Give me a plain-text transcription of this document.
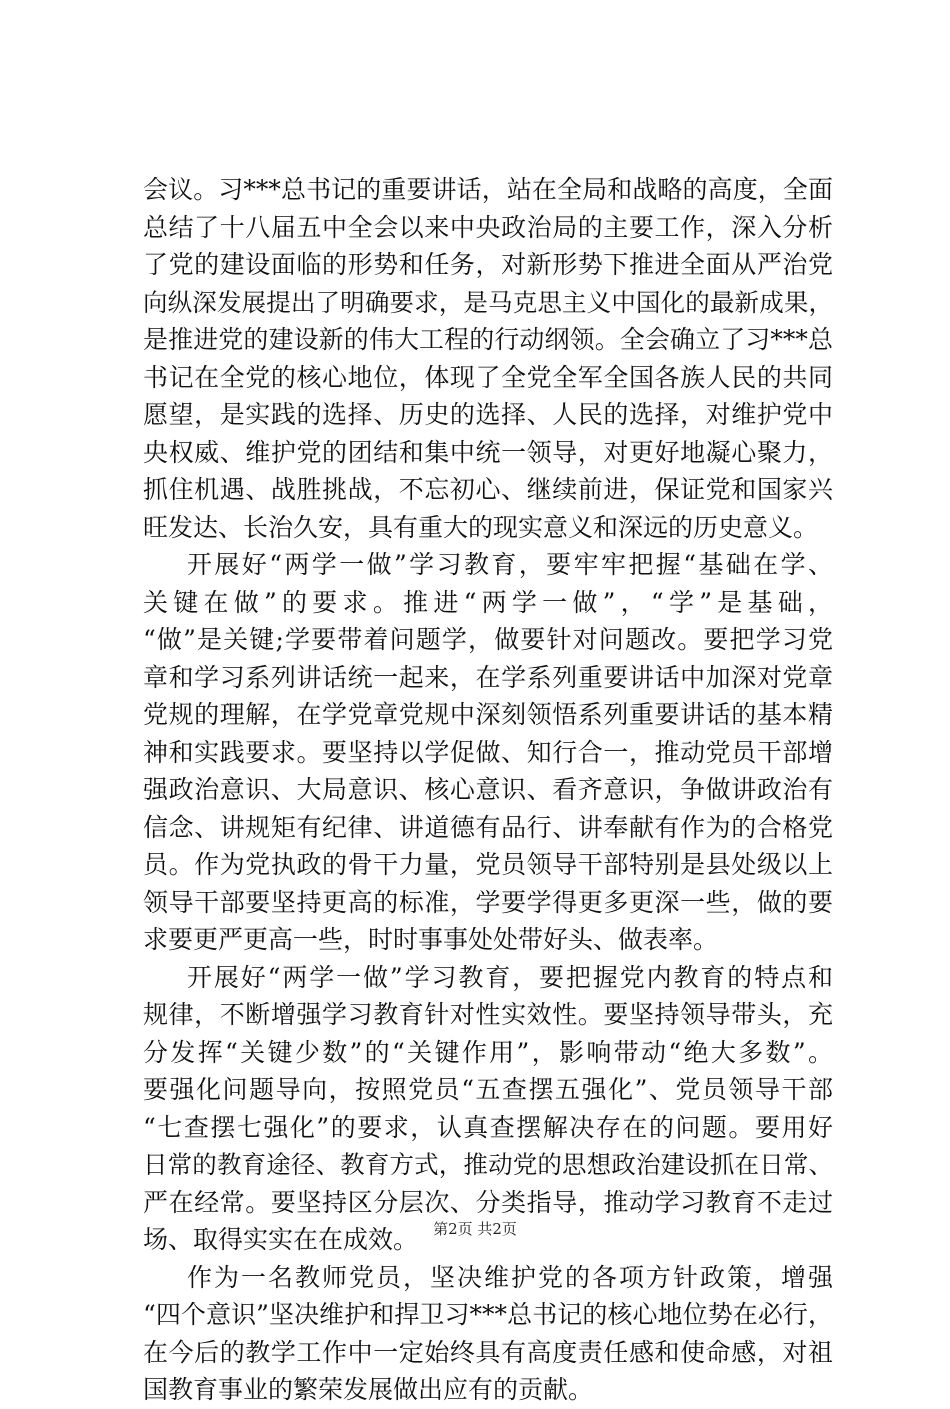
会议。习***总书记的重要讲话，站在全局和战略的高度，全面
总结了十八届五中全会以来中央政治局的主要工作，深入分析
了党的建设面临的形势和任务，对新形势下推进全面从严治党
向纵深发展提出了明确要求，是马克思主义中国化的最新成果，
是推进党的建设新的伟大工程的行动纲领。全会确立了习***总
书记在全党的核心地位，体现了全党全军全国各族人民的共同
愿望，是实践的选择、历史的选择、人民的选择，对维护党中
央权威、维护党的团结和集中统一领导，对更好地凝心聚力，
抓住机遇、战胜挑战，不忘初心、继续前进，保证党和国家兴
旺发达、长治久安，具有重大的现实意义和深远的历史意义。
开展好“两学一做”学习教育，要牢牢把握“基础在学、
关键在做”的要求。推进“两学一做”，“学”是基础，
“做”是关键;学要带着问题学，做要针对问题改。要把学习党
章和学习系列讲话统一起来，在学系列重要讲话中加深对党章
党规的理解，在学党章党规中深刻领悟系列重要讲话的基本精
神和实践要求。要坚持以学促做、知行合一，推动党员干部增
强政治意识、大局意识、核心意识、看齐意识，争做讲政治有
信念、讲规矩有纪律、讲道德有品行、讲奉献有作为的合格党
员。作为党执政的骨干力量，党员领导干部特别是县处级以上
领导干部要坚持更高的标准，学要学得更多更深一些，做的要
求要更严更高一些，时时事事处处带好头、做表率。
开展好“两学一做”学习教育，要把握党内教育的特点和
规律，不断增强学习教育针对性实效性。要坚持领导带头，充
分发挥“关键少数”的“关键作用”，影响带动“绝大多数”。
要强化问题导向，按照党员“五查摆五强化”、党员领导干部
“七查摆七强化”的要求，认真查摆解决存在的问题。要用好
日常的教育途径、教育方式，推动党的思想政治建设抓在日常、
严在经常。要坚持区分层次、分类指导，推动学习教育不走过
场、取得实实在在成效。
作为一名教师党员，坚决维护党的各项方针政策，增强
“四个意识”坚决维护和捍卫习***总书记的核心地位势在必行，
在今后的教学工作中一定始终具有高度责任感和使命感，对祖
国教育事业的繁荣发展做出应有的贡献。
第2页 共2页
